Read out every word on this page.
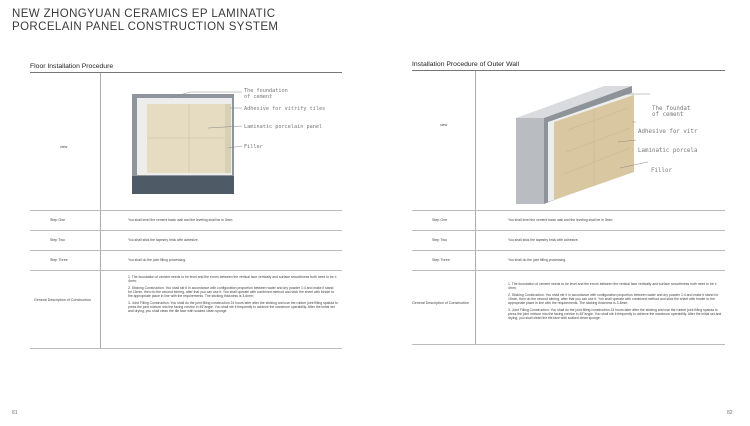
NEW ZHONGYUAN CERAMICS EP LAMINATIC
PORCELAIN PANEL CONSTRUCTION SYSTEM
Floor Installation Procedure
view
The foundation
of cement
Adhesive for vitrify tiles
Laminatic porcelain panel
Filler
Step One	You shall level the cement basic wall and the leveling shall be in 3mm.
Step Two	You shall stick the tapestry brick with adhesive.
Step Three	You shall do the joint filling processing.
General Description of Construction

1. The foundation of cement needs to be level and the errors between the vertical face vertically and surface smoothness both need to be ± 4mm;

2. Sticking Construction: You shall stir it in accordance with configuration proportion between water and dry powder 1:4 and make it stand for 15min, then do the second stirring, after that you can use it. You shall operate with combined method and stick the sheet with binder to the appropriate place in line with the requirements. The sticking thickness is 3-6mm;

3. Joint Filling Construction: You shall do the joint filling construction 24 hours later after the sticking and use the rubber joint filling spatula to press the joint mixture into the facing crevice in 45°angle. You shall stir it frequently to achieve the maximum operability. After the initial set and drying, you shall clean the tile face with soaked clean sponge.

81
Installation Procedure of Outer Wall
view
The foundat
of cement
Adhesive for vitr
Laminatic porcela
Fillor
Step One	You shall level the cement basic wall and the leveling shall be in 3mm.
Step Two	You shall stick the tapestry brick with adhesive.
Step Three	You shall do the joint filling processing.
General Description of Construction

1. The foundation of cement needs to be level and the errors between the vertical face vertically and surface smoothness both need to be ± 4mm;

2. Sticking Construction: You shall stir it in accordance with configuration proportion between water and dry powder 1:4 and make it stand for 15min, then do the second stirring, after that you can use it. You shall operate with combined method and stick the sheet with binder to the appropriate place in line with the requirements. The sticking thickness is 3-6mm;

3. Joint Filling Construction: You shall do the joint filling construction 24 hours later after the sticking and use the rubber joint filling spatula to press the joint mixture into the facing crevice in 45°angle. You shall stir it frequently to achieve the maximum operability. After the initial set and drying, you shall clean the tile face with soaked clean sponge.

82
